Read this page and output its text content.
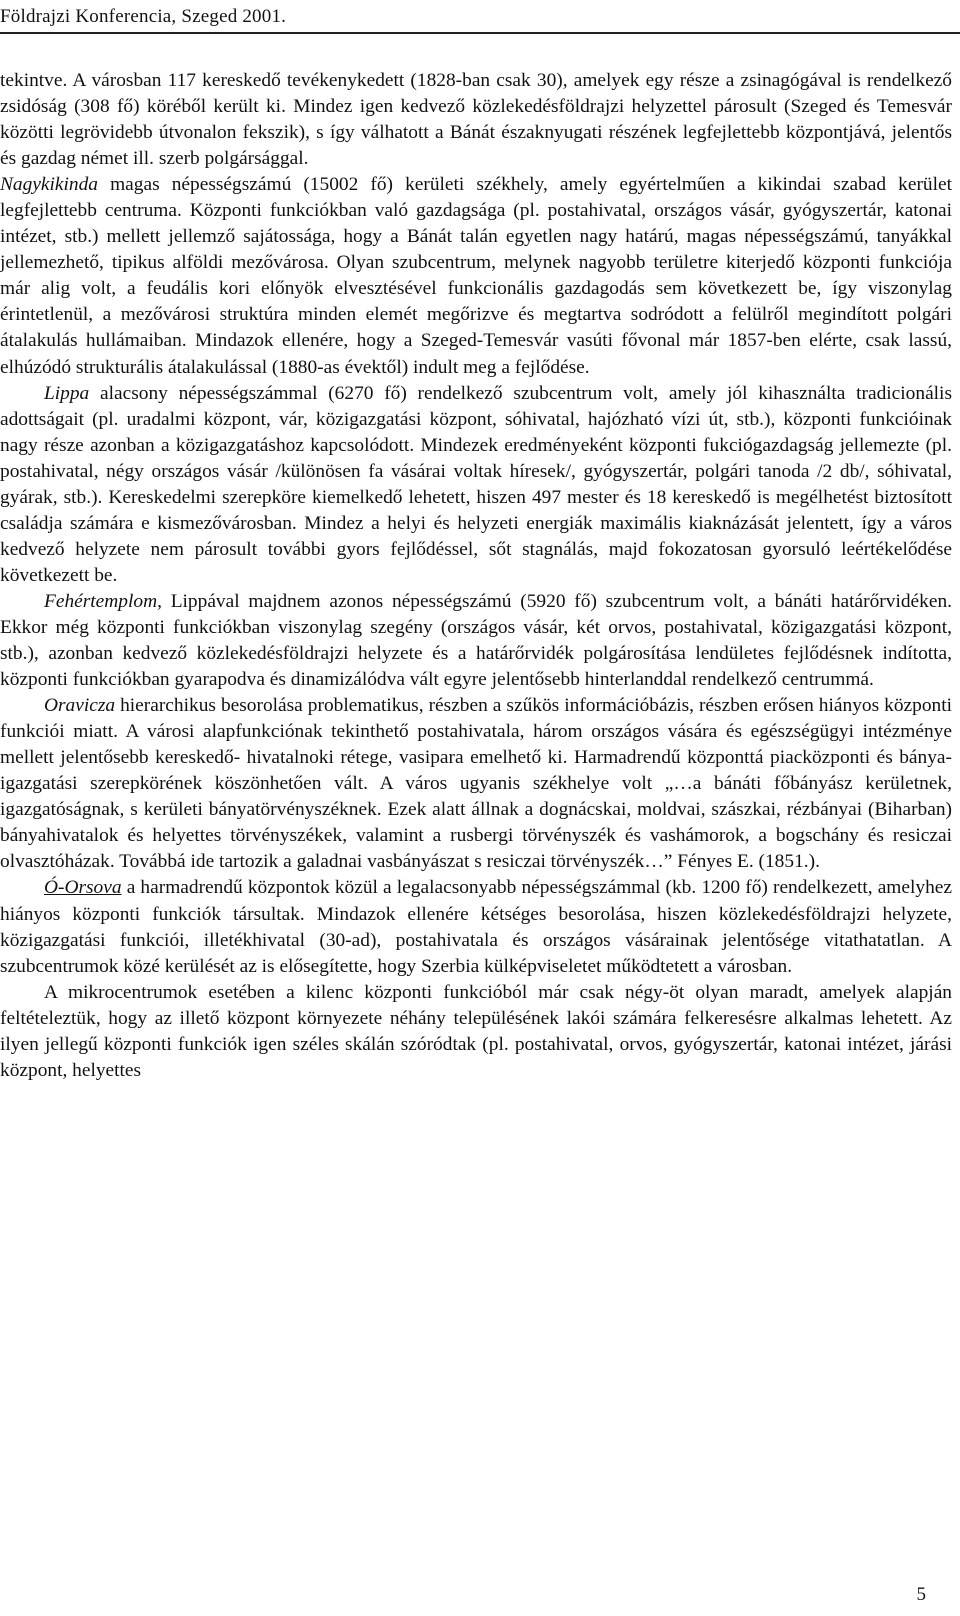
Földrajzi Konferencia, Szeged 2001.

tekintve. A városban 117 kereskedő tevékenykedett (1828-ban csak 30), amelyek egy része a zsinagógával is rendelkező zsidóság (308 fő) köréből került ki. Mindez igen kedvező közlekedésföldrajzi helyzettel párosult (Szeged és Temesvár közötti legrövidebb útvonalon fekszik), s így válhatott a Bánát északnyugati részének legfejlettebb központjává, jelentős és gazdag német ill. szerb polgársággal.

Nagykikinda magas népességszámú (15002 fő) kerületi székhely, amely egyértelműen a kikindai szabad kerület legfejlettebb centruma. Központi funkciókban való gazdagsága (pl. postahivatal, országos vásár, gyógyszertár, katonai intézet, stb.) mellett jellemző sajátossága, hogy a Bánát talán egyetlen nagy határú, magas népességszámú, tanyákkal jellemezhető, tipikus alföldi mezővárosa. Olyan szubcentrum, melynek nagyobb területre kiterjedő központi funkciója már alig volt, a feudális kori előnyök elvesztésével funkcionális gazdagodás sem következett be, így viszonylag érintetlenül, a mezővárosi struktúra minden elemét megőrizve és megtartva sodródott a felülről megindított polgári átalakulás hullámaiban. Mindazok ellenére, hogy a Szeged-Temesvár vasúti fővonal már 1857-ben elérte, csak lassú, elhúzódó strukturális átalakulással (1880-as évektől) indult meg a fejlődése.

Lippa alacsony népességszámmal (6270 fő) rendelkező szubcentrum volt, amely jól kihasználta tradicionális adottságait (pl. uradalmi központ, vár, közigazgatási központ, sóhivatal, hajózható vízi út, stb.), központi funkcióinak nagy része azonban a közigazgatáshoz kapcsolódott. Mindezek eredményeként központi fukciógazdagság jellemezte (pl. postahivatal, négy országos vásár /különösen fa vásárai voltak híresek/, gyógyszertár, polgári tanoda /2 db/, sóhivatal, gyárak, stb.). Kereskedelmi szerepköre kiemelkedő lehetett, hiszen 497 mester és 18 kereskedő is megélhetést biztosított családja számára e kismezővárosban. Mindez a helyi és helyzeti energiák maximális kiaknázását jelentett, így a város kedvező helyzete nem párosult további gyors fejlődéssel, sőt stagnálás, majd fokozatosan gyorsuló leértékelődése következett be.

Fehértemplom, Lippával majdnem azonos népességszámú (5920 fő) szubcentrum volt, a bánáti határőrvidéken. Ekkor még központi funkciókban viszonylag szegény (országos vásár, két orvos, postahivatal, közigazgatási központ, stb.), azonban kedvező közlekedésföldrajzi helyzete és a határőrvidék polgárosítása lendületes fejlődésnek indította, központi funkciókban gyarapodva és dinamizálódva vált egyre jelentősebb hinterlanddal rendelkező centrummá.

Oravicza hierarchikus besorolása problematikus, részben a szűkös információbázis, részben erősen hiányos központi funkciói miatt. A városi alapfunkciónak tekinthető postahivatala, három országos vására és egészségügyi intézménye mellett jelentősebb kereskedő- hivatalnoki rétege, vasipara emelhető ki. Harmadrendű központtá piacközponti és bánya-igazgatási szerepkörének köszönhetően vált. A város ugyanis székhelye volt „…a bánáti főbányász kerületnek, igazgatóságnak, s kerületi bányatörvényszéknek. Ezek alatt állnak a dognácskai, moldvai, szászkai, rézbányai (Biharban) bányahivatalok és helyettes törvényszékek, valamint a rusbergi törvényszék és vashámorok, a bogschány és resiczai olvasztóházak. Továbbá ide tartozik a galadnai vasbányászat s resiczai törvényszék…” Fényes E. (1851.).

Ó-Orsova a harmadrendű központok közül a legalacsonyabb népességszámmal (kb. 1200 fő) rendelkezett, amelyhez hiányos központi funkciók társultak. Mindazok ellenére kétséges besorolása, hiszen közlekedésföldrajzi helyzete, közigazgatási funkciói, illetékhivatal (30-ad), postahivatala és országos vásárainak jelentősége vitathatatlan. A szubcentrumok közé kerülését az is elősegítette, hogy Szerbia külképviseletet működtetett a városban.

A mikrocentrumok esetében a kilenc központi funkcióból már csak négy-öt olyan maradt, amelyek alapján feltételeztük, hogy az illető központ környezete néhány településének lakói számára felkeresésre alkalmas lehetett. Az ilyen jellegű központi funkciók igen széles skálán szóródtak (pl. postahivatal, orvos, gyógyszertár, katonai intézet, járási központ, helyettes

5
